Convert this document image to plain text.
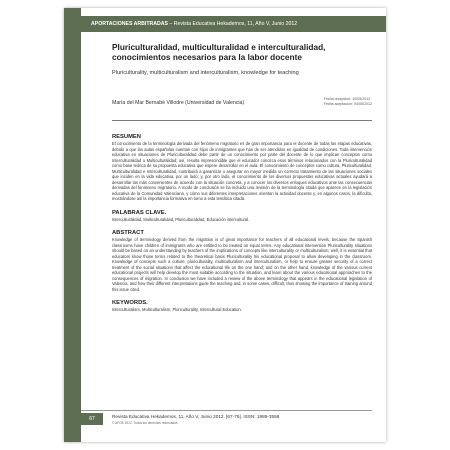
APORTACIONES ARBITRADAS – Revista Educativa Hekademos, 11, Año V, Junio 2012
Pluriculturalidad, multiculturalidad e interculturalidad, conocimientos necesarios para la labor docente
Pluriculturality, multiculturalism and interculturalism, knowledge for teaching
María del Mar Bernabé Villodre (Universidad de Valencia)
Fecha recepción: 10/05/2012
Fecha aceptación: 04/06/2012
RESUMEN
El conocimiento de la terminología derivada del fenómeno migratorio es de gran importancia para el docente de todas las etapas educativas, debido a que las aulas españolas cuentan con hijos de inmigrantes que han de ser atendidos en igualdad de condiciones. Toda intervención educativa en situaciones de Pluriculturalidad debe partir de un conocimiento por parte del docente de lo que implican conceptos como Interculturalidad o Multiculturalidad; así, resulta imprescindible que el educador conozca esos términos relacionados con la Pluriculturalidad como base teórica de su propuesta educativa que espere desarrollar en el aula. El conocimiento de conceptos como cultura, Pluriculturalidad, Multiculturalidad e Interculturalidad, contribuirá a garantizar o asegurar en mayor medida un correcto tratamiento de las situaciones sociales que inciden en la vida educativa, por un lado; y, por otro lado, el conocimiento de los diversos propuestas educativas actuales ayudará a desarrollar las más convenientes de acuerdo con la situación concreta, y a conocer los diversos enfoques educativos ante las consecuencias derivadas del fenómeno migratorio. A modo de conclusión se ha incluido una revisión de la terminología citada que aparece en la legislación educativa de la Comunidad Valenciana, y cómo sus diferentes interpretaciones orientan la actividad docente y, en algunos casos, la dificulta, mostrándose así la importancia formativa en torno a esta temática citada.
PALABRAS CLAVE.
Interculturalidad, Multiculturalidad, Pluriculturalidad, Educación intercultural.
ABSTRACT
Knowledge of terminology derived from the migration is of great importance for teachers of all educational levels, because the Spanish classrooms have children of immigrants who are entitled to be treated on equal terms. Any educational intervention Pluriculturality situations should be based on an understanding by teachers of the implications of concepts like interculturality or multiculturalism; well, it is essential that educators know those terms related to the theoretical basis Pluriculturality his educational proposal to allow developing in the classroom. Knowledge of concepts such a culture, pluriculturality, multiculturalism and interculturalism, or help to ensure greater security of a correct treatment of the social situations that affect the educational life on the one hand; and on the other hand, knowledge of the various current educational projects will help develop the most suitable according to the situation, and learn about the various educational approaches to the consequences of migration. In conclusion we have included a review of the above terminology that appears in the educational legislation of Valencia, and how their different interpretations guide the teaching and, in some cases, difficult, thus showing the importance of training around this issue cited.
KEYWORDS.
Interculturalism, Multiculturalism, Pluriculturality, Intercultural Education.
67	Revista Educativa Hekademos, 11, Año V, Junio 2012. [67-76]. ISSN: 1989-3558
© AFOE 2012. Todos los derechos reservados
